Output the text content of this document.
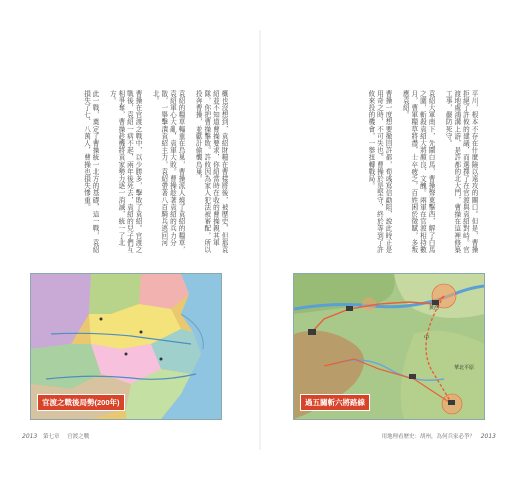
概也沒想到，袁紹財糧在曹樣將後，被歷史，但那袁紹並不知道曹操要求，你紹當時在收的曹操親其軍隊，你把曹操擊敗。許攸因為家人犯法被審配，所以投奔曹操，並獻計偷襲烏巢。

袁紹的糧草輜重在烏巢，曹操派人燒了袁紹的糧草，袁紹軍心大亂，袁軍大敗。曹操趁著袁紹的兵力分散，一舉擊潰袁紹主力，袁紹帶著八百騎兵逃回河北。

曹操在官渡之戰中，以少勝多，擊敗了袁紹。官渡之戰後，袁紹一病不起，兩年後死去，袁紹的兒子們互相爭奪，曹操趁機將袁家勢力逐一消滅，統一了北方。

此一戰，奠定了曹操統一北方的基礎，這一戰，袁紹損失了七、八萬人，曹操也損失慘重。
官渡之戰後局勢(200年)
2013 第七章 官渡之戰
平川，根本不存在什麼險以遠攻的關口。但是，曹操拒絕了許攸的建議，而選擇了在官渡與袁紹對峙。官渡地處鴻溝上游，是許都的北大門，曹操在這裡修築工事，嚴防死守。

袁紹大軍南下，先圍白馬，曹操聲東擊西，解了白馬之圍，斬殺袁紹大將顏良、文醜。兩軍在官渡相持數月，曹軍糧草將盡，士卒疲乏，百姓困於徵賦，多叛應袁紹。

曹操一度想要撤回許都，荀彧寫信勸阻，說此時正是用奇之時，不可失也。曹操於是堅守，終於等到了許攸來投的機會，一舉扭轉戰局。
黃河
華北平原
中
過五關斬六將路線
用地理看歷史：胡州，為何兵家必爭？ 2013
